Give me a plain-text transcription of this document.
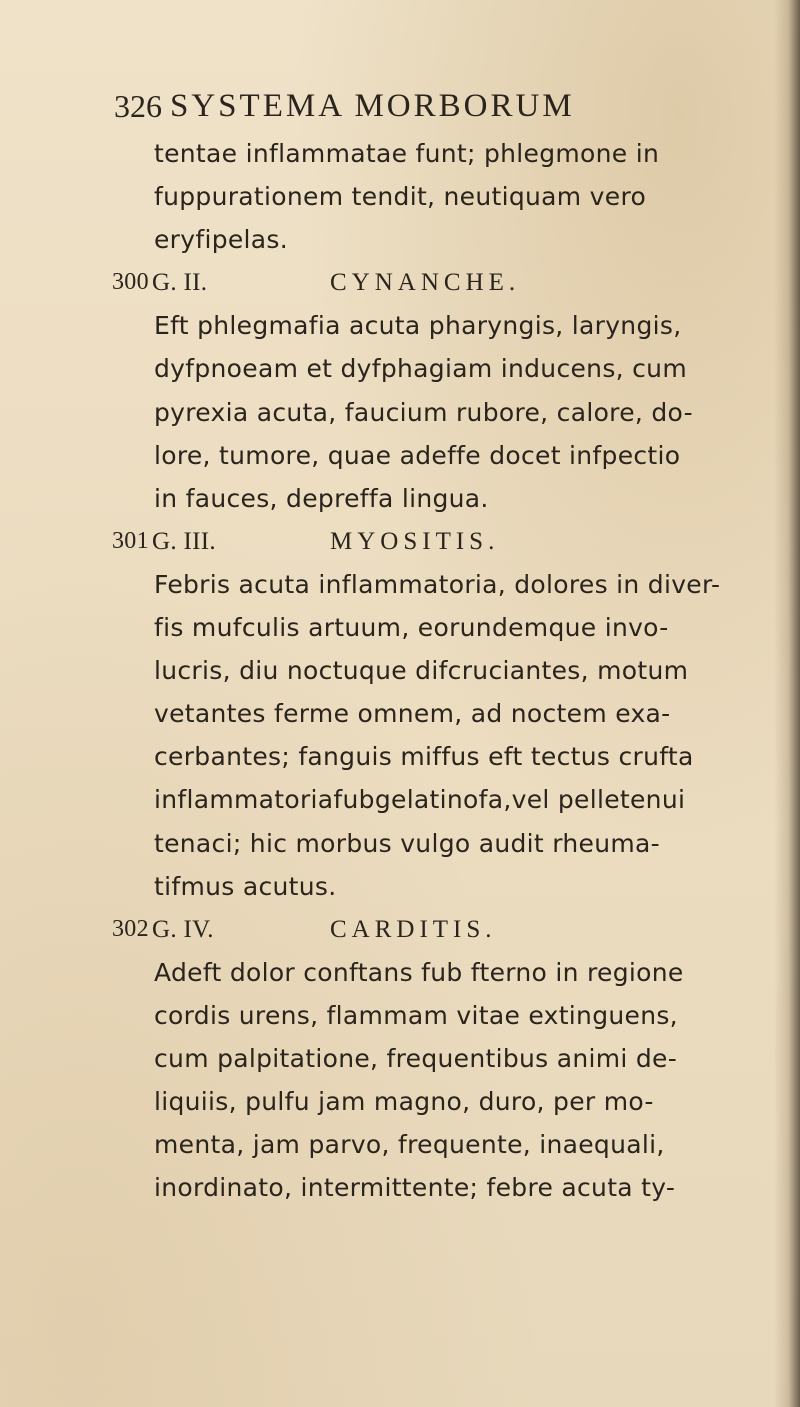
326 SYSTEMA MORBORUM
tentae inflammatae funt; phlegmone in
fuppurationem tendit, neutiquam vero
eryfipelas.
300 G. II.	CYNANCHE.
Eft phlegmafia acuta pharyngis, laryngis,
dyfpnoeam et dyfphagiam inducens, cum
pyrexia acuta, faucium rubore, calore, do-
lore, tumore, quae adeffe docet infpectio
in fauces, depreffa lingua.
301 G. III.	MYOSITIS.
Febris acuta inflammatoria, dolores in diver-
fis mufculis artuum, eorundemque invo-
lucris, diu noctuque difcruciantes, motum
vetantes ferme omnem, ad noctem exa-
cerbantes; fanguis miffus eft tectus crufta
inflammatoriafubgelatinofa,vel pelletenui
tenaci; hic morbus vulgo audit rheuma-
tifmus acutus.
302 G. IV.	CARDITIS.
Adeft dolor conftans fub fterno in regione
cordis urens, flammam vitae extinguens,
cum palpitatione, frequentibus animi de-
liquiis, pulfu jam magno, duro, per mo-
menta, jam parvo, frequente, inaequali,
inordinato, intermittente; febre acuta ty-
